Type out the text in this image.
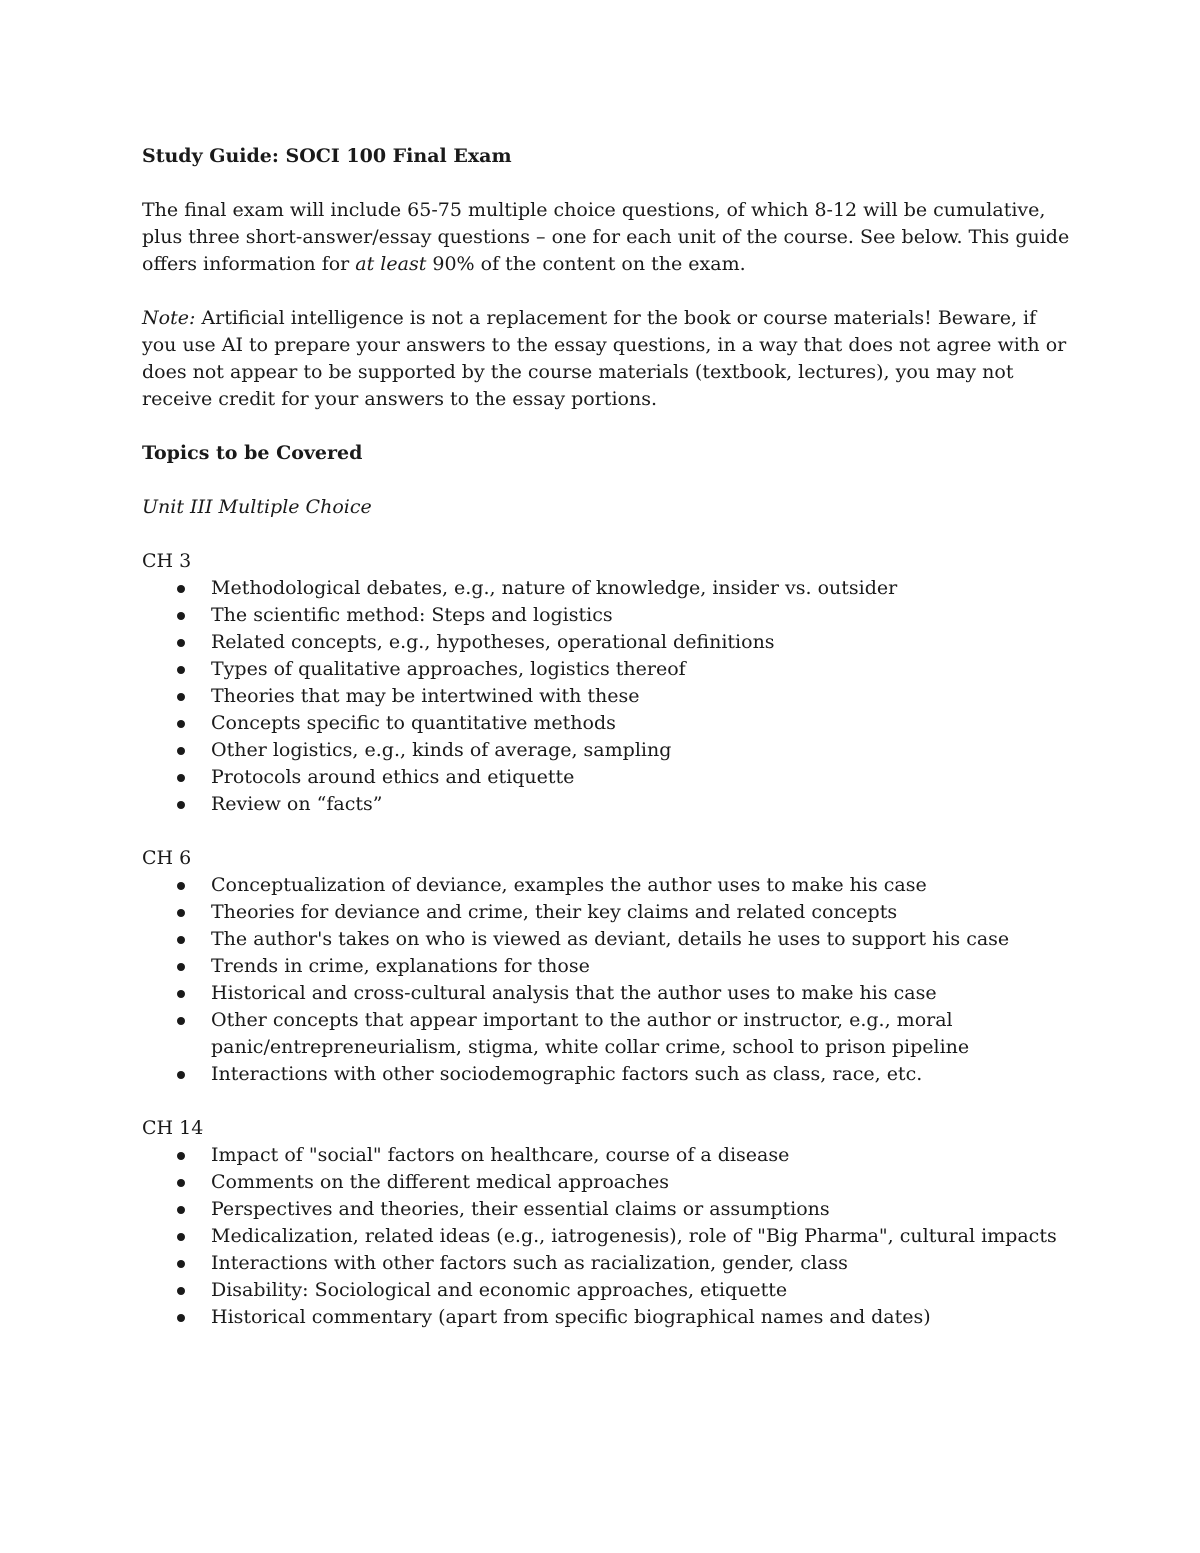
Study Guide: SOCI 100 Final Exam
The final exam will include 65-75 multiple choice questions, of which 8-12 will be cumulative, plus three short-answer/essay questions – one for each unit of the course. See below. This guide offers information for at least 90% of the content on the exam.
Note: Artificial intelligence is not a replacement for the book or course materials! Beware, if you use AI to prepare your answers to the essay questions, in a way that does not agree with or does not appear to be supported by the course materials (textbook, lectures), you may not receive credit for your answers to the essay portions.
Topics to be Covered
Unit III Multiple Choice
CH 3
Methodological debates, e.g., nature of knowledge, insider vs. outsider
The scientific method: Steps and logistics
Related concepts, e.g., hypotheses, operational definitions
Types of qualitative approaches, logistics thereof
Theories that may be intertwined with these
Concepts specific to quantitative methods
Other logistics, e.g., kinds of average, sampling
Protocols around ethics and etiquette
Review on “facts”
CH 6
Conceptualization of deviance, examples the author uses to make his case
Theories for deviance and crime, their key claims and related concepts
The author's takes on who is viewed as deviant, details he uses to support his case
Trends in crime, explanations for those
Historical and cross-cultural analysis that the author uses to make his case
Other concepts that appear important to the author or instructor, e.g., moral panic/entrepreneurialism, stigma, white collar crime, school to prison pipeline
Interactions with other sociodemographic factors such as class, race, etc.
CH 14
Impact of "social" factors on healthcare, course of a disease
Comments on the different medical approaches
Perspectives and theories, their essential claims or assumptions
Medicalization, related ideas (e.g., iatrogenesis), role of "Big Pharma", cultural impacts
Interactions with other factors such as racialization, gender, class
Disability: Sociological and economic approaches, etiquette
Historical commentary (apart from specific biographical names and dates)
